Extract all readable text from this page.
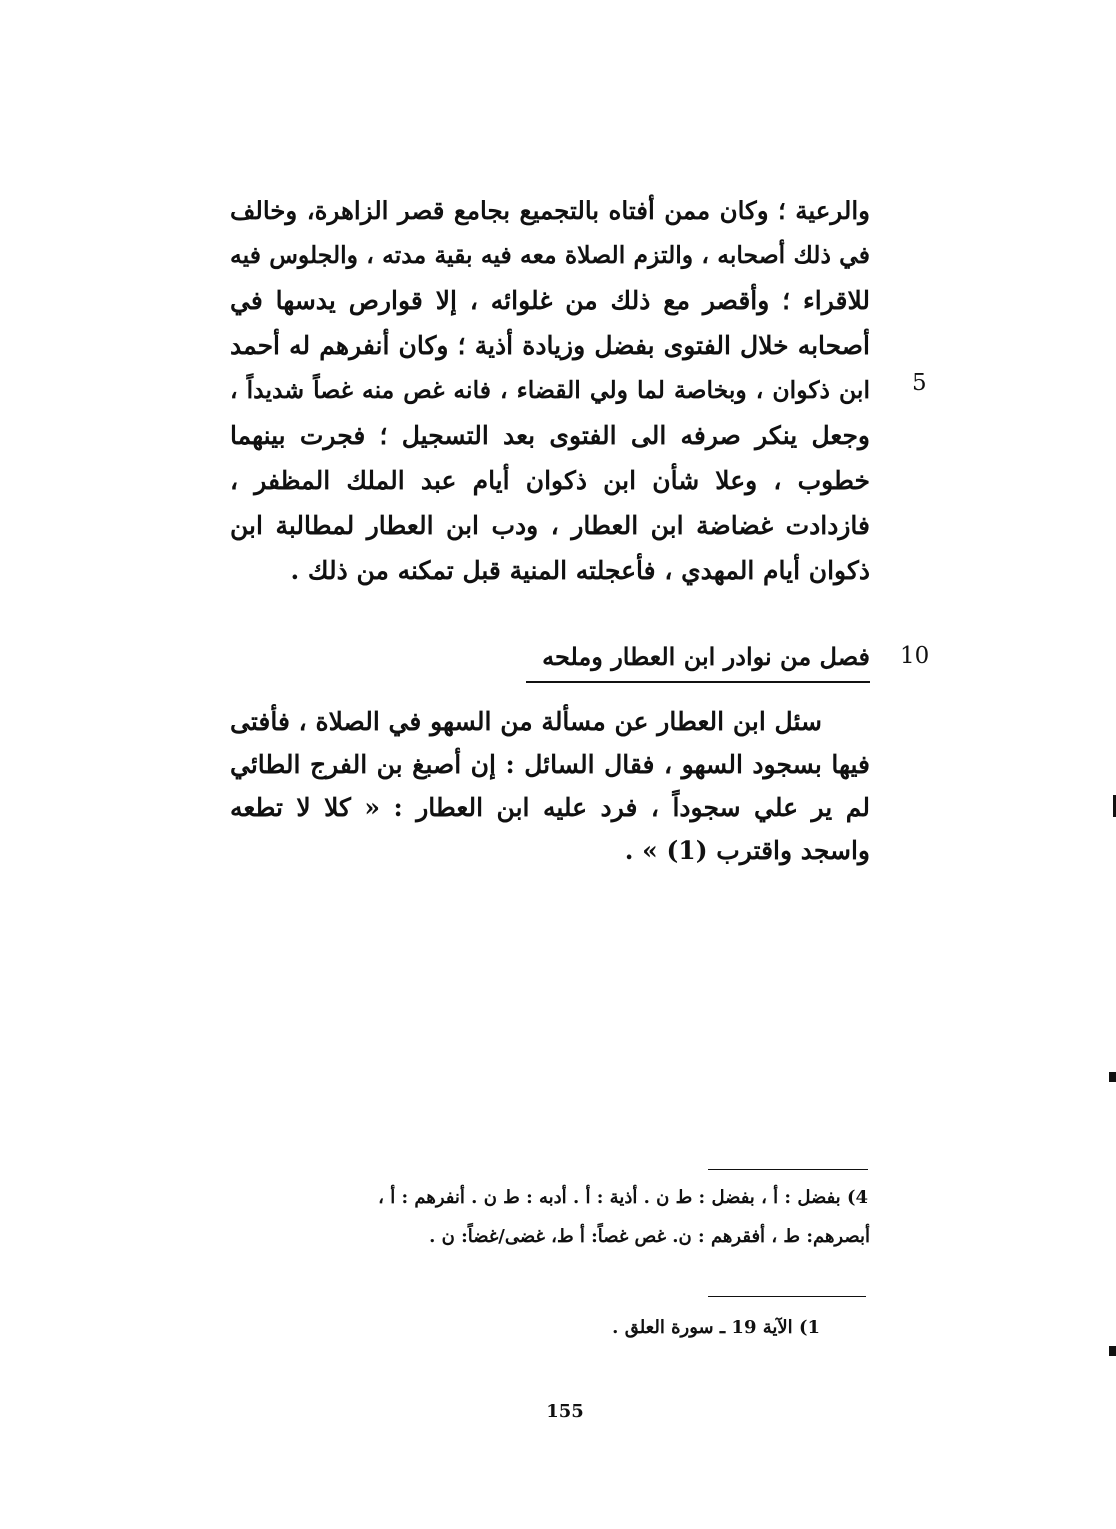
والرعية ؛ وكان ممن أفتاه بالتجميع بجامع قصر الزاهرة، وخالف
في ذلك أصحابه ، والتزم الصلاة معه فيه بقية مدته ، والجلوس فيه
للاقراء ؛ وأقصر مع ذلك من غلوائه ، إلا قوارص يدسها في
أصحابه خلال الفتوى بفضل وزيادة أذية ؛ وكان أنفرهم له أحمد
ابن ذكوان ، وبخاصة لما ولي القضاء ، فانه غص منه غصاً شديداً ،
وجعل ينكر صرفه الى الفتوى بعد التسجيل ؛ فجرت بينهما
خطوب ، وعلا شأن ابن ذكوان أيام عبد الملك المظفر ،
فازدادت غضاضة ابن العطار ، ودب ابن العطار لمطالبة ابن
ذكوان أيام المهدي ، فأعجلته المنية قبل تمكنه من ذلك .
5
10
فصل من نوادر ابن العطار وملحه
سئل ابن العطار عن مسألة من السهو في الصلاة ، فأفتى
فيها بسجود السهو ، فقال السائل : إن أصبغ بن الفرج الطائي
لم ير علي سجوداً ، فرد عليه ابن العطار : « كلا لا تطعه
واسجد واقترب (1) » .
4) بفضل : أ ، بفضل : ط ن . أذية : أ . أدبه : ط ن . أنفرهم : أ ،
أبصرهم: ط ، أفقرهم : ن. غص غصاً: أ ط، غضى/غضاً: ن .
1) الآية 19 ـ سورة العلق .
155
